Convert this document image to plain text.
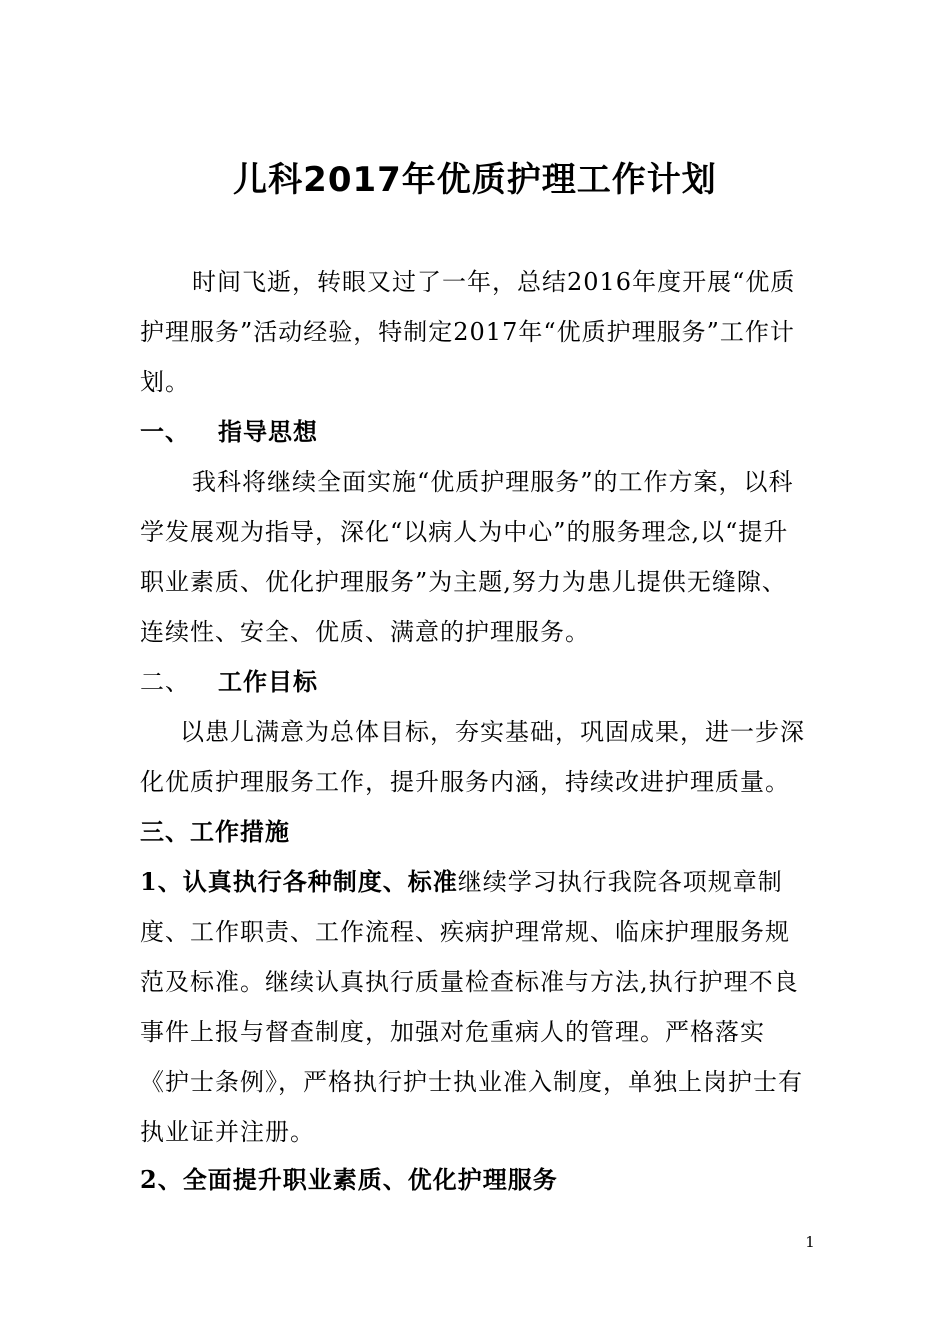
儿科2017年优质护理工作计划

时间飞逝，转眼又过了一年，总结2016年度开展“优质护理服务”活动经验，特制定2017年“优质护理服务”工作计划。

一、 指导思想

我科将继续全面实施“优质护理服务”的工作方案，以科学发展观为指导，深化“以病人为中心”的服务理念,以“提升职业素质、优化护理服务”为主题,努力为患儿提供无缝隙、连续性、安全、优质、满意的护理服务。

二、 工作目标

以患儿满意为总体目标，夯实基础，巩固成果，进一步深化优质护理服务工作，提升服务内涵，持续改进护理质量。

三、工作措施

1、认真执行各种制度、标准继续学习执行我院各项规章制度、工作职责、工作流程、疾病护理常规、临床护理服务规范及标准。继续认真执行质量检查标准与方法,执行护理不良事件上报与督查制度，加强对危重病人的管理。严格落实《护士条例》，严格执行护士执业准入制度，单独上岗护士有执业证并注册。

2、全面提升职业素质、优化护理服务

1
